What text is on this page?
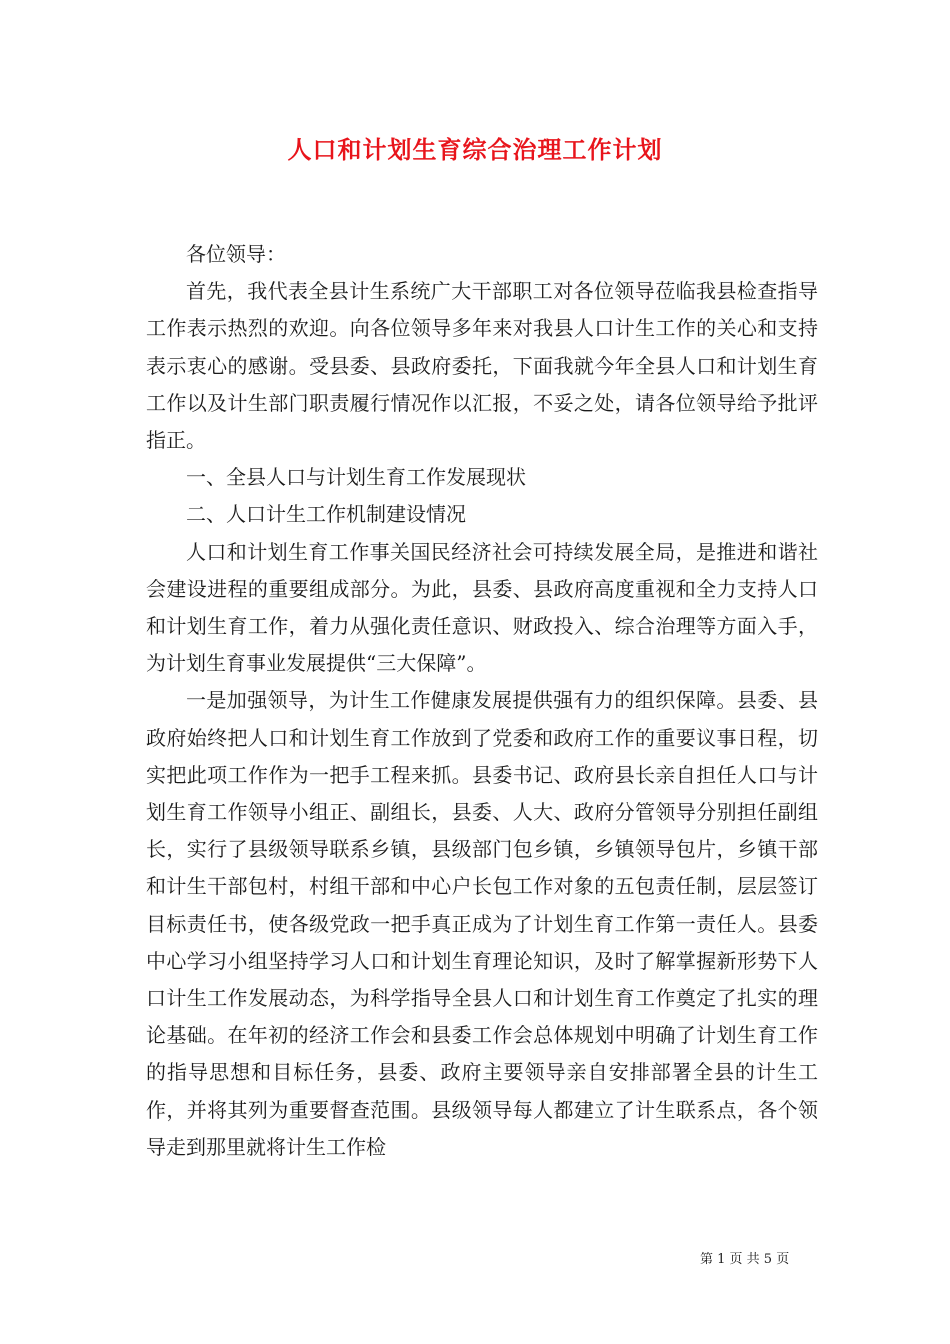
人口和计划生育综合治理工作计划

各位领导：

首先，我代表全县计生系统广大干部职工对各位领导莅临我县检查指导工作表示热烈的欢迎。向各位领导多年来对我县人口计生工作的关心和支持表示衷心的感谢。受县委、县政府委托，下面我就今年全县人口和计划生育工作以及计生部门职责履行情况作以汇报，不妥之处，请各位领导给予批评指正。

一、全县人口与计划生育工作发展现状

二、人口计生工作机制建设情况

人口和计划生育工作事关国民经济社会可持续发展全局，是推进和谐社会建设进程的重要组成部分。为此，县委、县政府高度重视和全力支持人口和计划生育工作，着力从强化责任意识、财政投入、综合治理等方面入手，为计划生育事业发展提供“三大保障”。

一是加强领导，为计生工作健康发展提供强有力的组织保障。县委、县政府始终把人口和计划生育工作放到了党委和政府工作的重要议事日程，切实把此项工作作为一把手工程来抓。县委书记、政府县长亲自担任人口与计划生育工作领导小组正、副组长，县委、人大、政府分管领导分别担任副组长，实行了县级领导联系乡镇，县级部门包乡镇，乡镇领导包片，乡镇干部和计生干部包村，村组干部和中心户长包工作对象的五包责任制，层层签订目标责任书，使各级党政一把手真正成为了计划生育工作第一责任人。县委中心学习小组坚持学习人口和计划生育理论知识，及时了解掌握新形势下人口计生工作发展动态，为科学指导全县人口和计划生育工作奠定了扎实的理论基础。在年初的经济工作会和县委工作会总体规划中明确了计划生育工作的指导思想和目标任务，县委、政府主要领导亲自安排部署全县的计生工作，并将其列为重要督查范围。县级领导每人都建立了计生联系点，各个领导走到那里就将计生工作检

第 1 页 共 5 页
